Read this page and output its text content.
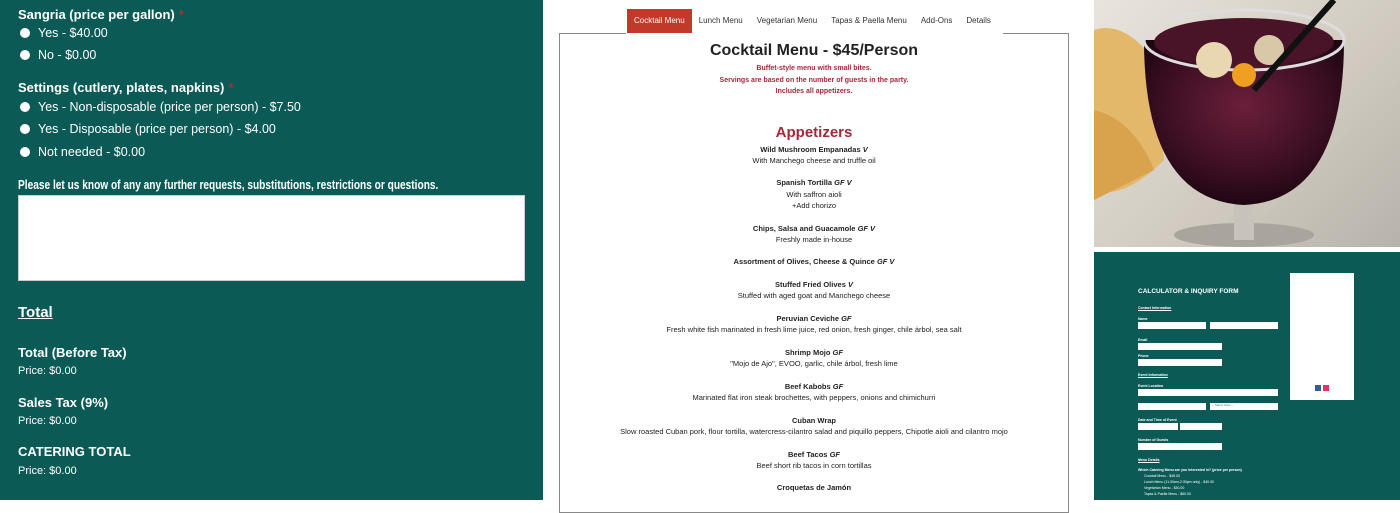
Sangria (price per gallon) *
Yes - $40.00
No - $0.00
Settings (cutlery, plates, napkins) *
Yes - Non-disposable (price per person) - $7.50
Yes - Disposable (price per person) - $4.00
Not needed - $0.00
Please let us know of any any further requests, substitutions, restrictions or questions.
Total
Total (Before Tax)
Price: $0.00
Sales Tax (9%)
Price: $0.00
CATERING TOTAL
Price: $0.00
Cocktail Menu	Lunch Menu	Vegetarian Menu	Tapas & Paella Menu	Add-Ons	Details
Cocktail Menu - $45/Person
Buffet-style menu with small bites.
Servings are based on the number of guests in the party.
Includes all appetizers.
Appetizers
Wild Mushroom Empanadas V
With Manchego cheese and truffle oil
Spanish Tortilla GF V
With saffron aioli
+Add chorizo
Chips, Salsa and Guacamole GF V
Freshly made in-house
Assortment of Olives, Cheese & Quince GF V
Stuffed Fried Olives V
Stuffed with aged goat and Manchego cheese
Peruvian Ceviche GF
Fresh white fish marinated in fresh lime juice, red onion, fresh ginger, chile árbol, sea salt
Shrimp Mojo GF
"Mojo de Ajo", EVOO, garlic, chile árbol, fresh lime
Beef Kabobs GF
Marinated flat iron steak brochettes, with peppers, onions and chimichurri
Cuban Wrap
Slow roasted Cuban pork, flour tortilla, watercress-cilantro salad and piquillo peppers, Chipotle aioli and cilantro mojo
Beef Tacos GF
Beef short rib tacos in corn tortillas
Croquetas de Jamón
CALCULATOR & INQUIRY FORM
Contact Information
Name
Email
Phone
Event Information
Event Location
-- Select state --
Date and Time of Event
Number of Guests
Menu Details
Which Catering Menu are you interested in? (price per person)
Cocktail Menu - $45.00
Lunch Menu (11:30am-2:30pm only) - $40.00
Vegetarian Menu - $30.00
Tapas & Paella Menu - $60.00
